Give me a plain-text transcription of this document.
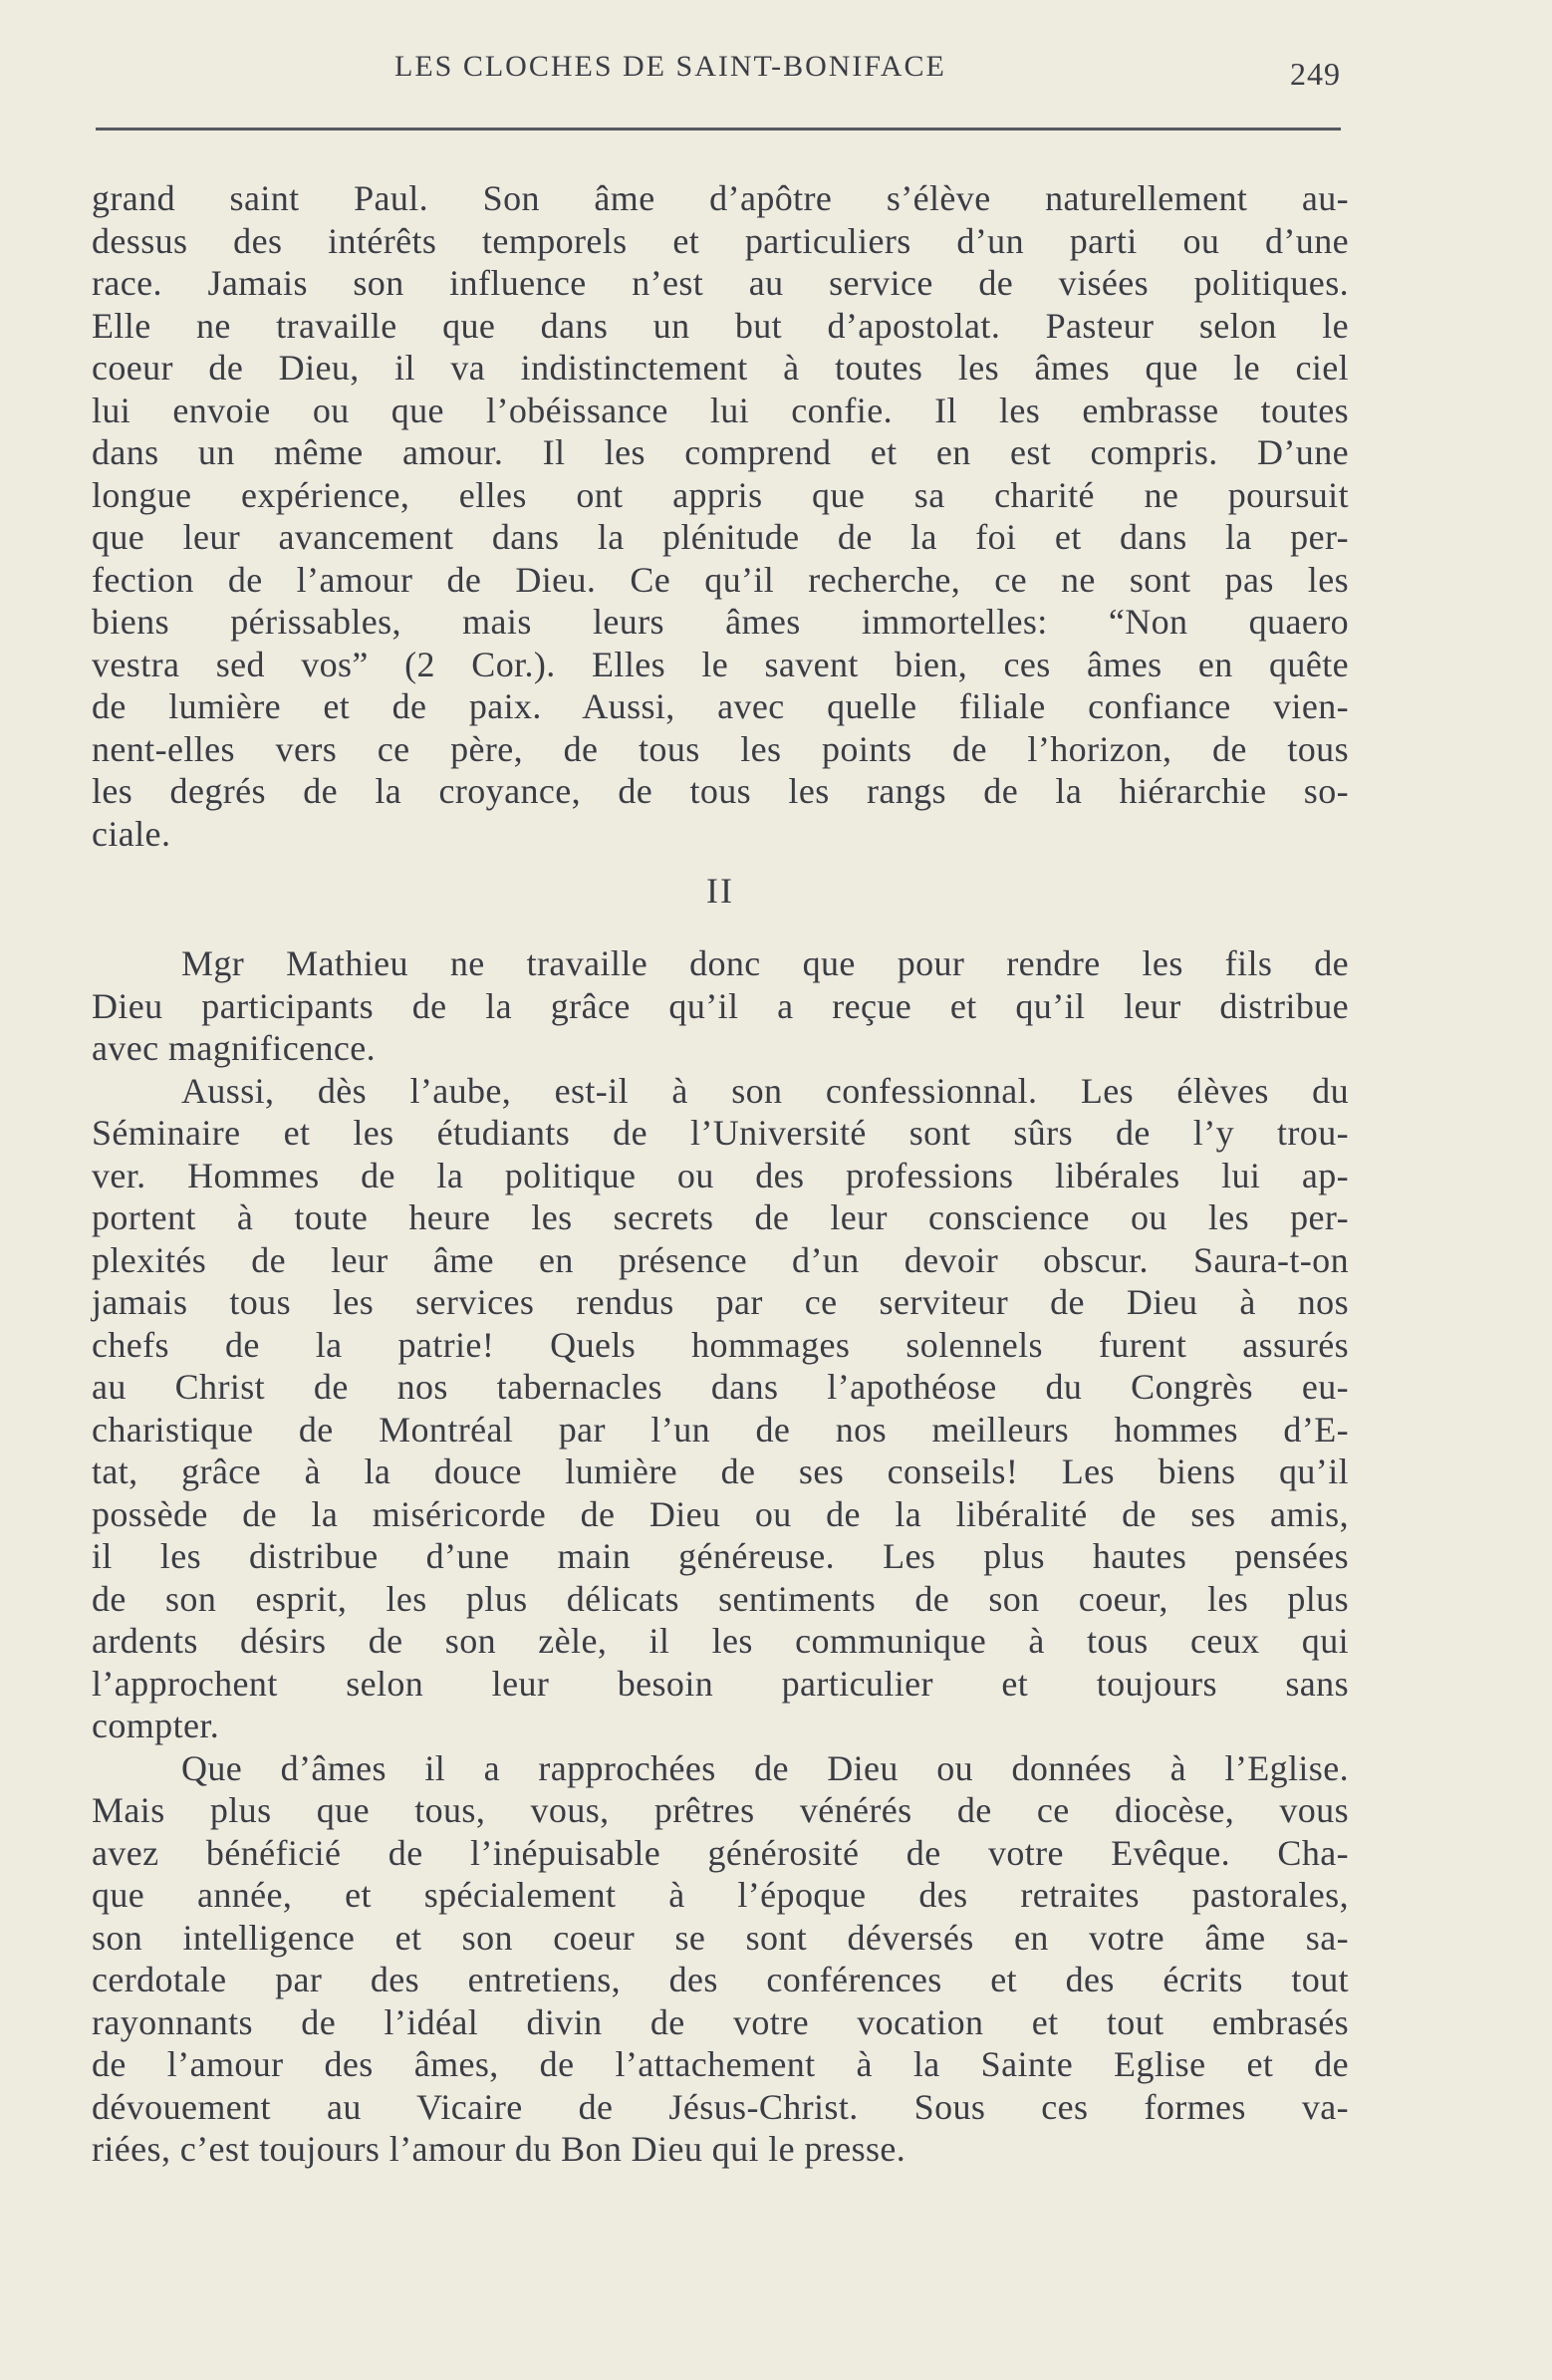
LES CLOCHES DE SAINT-BONIFACE	249
grand saint Paul. Son âme d’apôtre s’élève naturellement au-
dessus des intérêts temporels et particuliers d’un parti ou d’une
race. Jamais son influence n’est au service de visées politiques.
Elle ne travaille que dans un but d’apostolat. Pasteur selon le
coeur de Dieu, il va indistinctement à toutes les âmes que le ciel
lui envoie ou que l’obéissance lui confie. Il les embrasse toutes
dans un même amour. Il les comprend et en est compris. D’une
longue expérience, elles ont appris que sa charité ne poursuit
que leur avancement dans la plénitude de la foi et dans la per-
fection de l’amour de Dieu. Ce qu’il recherche, ce ne sont pas les
biens périssables, mais leurs âmes immortelles: “Non quaero
vestra sed vos” (2 Cor.). Elles le savent bien, ces âmes en quête
de lumière et de paix. Aussi, avec quelle filiale confiance vien-
nent-elles vers ce père, de tous les points de l’horizon, de tous
les degrés de la croyance, de tous les rangs de la hiérarchie so-
ciale.
II
Mgr Mathieu ne travaille donc que pour rendre les fils de
Dieu participants de la grâce qu’il a reçue et qu’il leur distribue
avec magnificence.
Aussi, dès l’aube, est-il à son confessionnal. Les élèves du
Séminaire et les étudiants de l’Université sont sûrs de l’y trou-
ver. Hommes de la politique ou des professions libérales lui ap-
portent à toute heure les secrets de leur conscience ou les per-
plexités de leur âme en présence d’un devoir obscur. Saura-t-on
jamais tous les services rendus par ce serviteur de Dieu à nos
chefs de la patrie! Quels hommages solennels furent assurés
au Christ de nos tabernacles dans l’apothéose du Congrès eu-
charistique de Montréal par l’un de nos meilleurs hommes d’E-
tat, grâce à la douce lumière de ses conseils! Les biens qu’il
possède de la miséricorde de Dieu ou de la libéralité de ses amis,
il les distribue d’une main généreuse. Les plus hautes pensées
de son esprit, les plus délicats sentiments de son coeur, les plus
ardents désirs de son zèle, il les communique à tous ceux qui
l’approchent selon leur besoin particulier et toujours sans
compter.
Que d’âmes il a rapprochées de Dieu ou données à l’Eglise.
Mais plus que tous, vous, prêtres vénérés de ce diocèse, vous
avez bénéficié de l’inépuisable générosité de votre Evêque. Cha-
que année, et spécialement à l’époque des retraites pastorales,
son intelligence et son coeur se sont déversés en votre âme sa-
cerdotale par des entretiens, des conférences et des écrits tout
rayonnants de l’idéal divin de votre vocation et tout embrasés
de l’amour des âmes, de l’attachement à la Sainte Eglise et de
dévouement au Vicaire de Jésus-Christ. Sous ces formes va-
riées, c’est toujours l’amour du Bon Dieu qui le presse.
